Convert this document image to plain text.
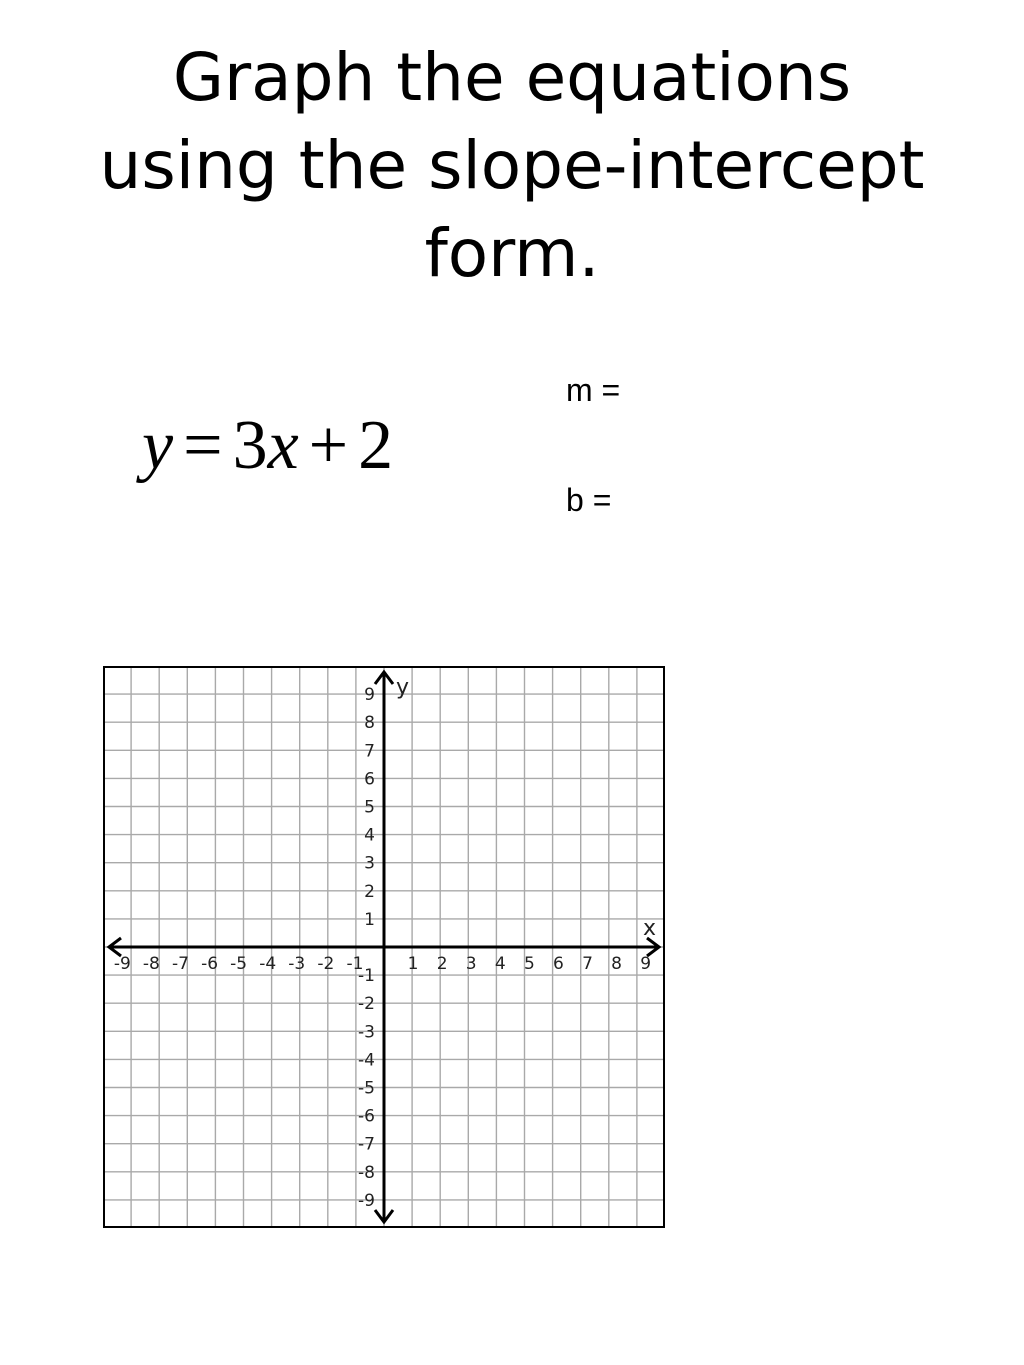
Graph the equations
using the slope-intercept
form.
y = 3x + 2
m =
b =
x
y
-9 -8 -7 -6 -5 -4 -3 -2 -1	1 2 3 4 5 6 7 8 9
9
8
7
6
5
4
3
2
1
-1
-2
-3
-4
-5
-6
-7
-8
-9
